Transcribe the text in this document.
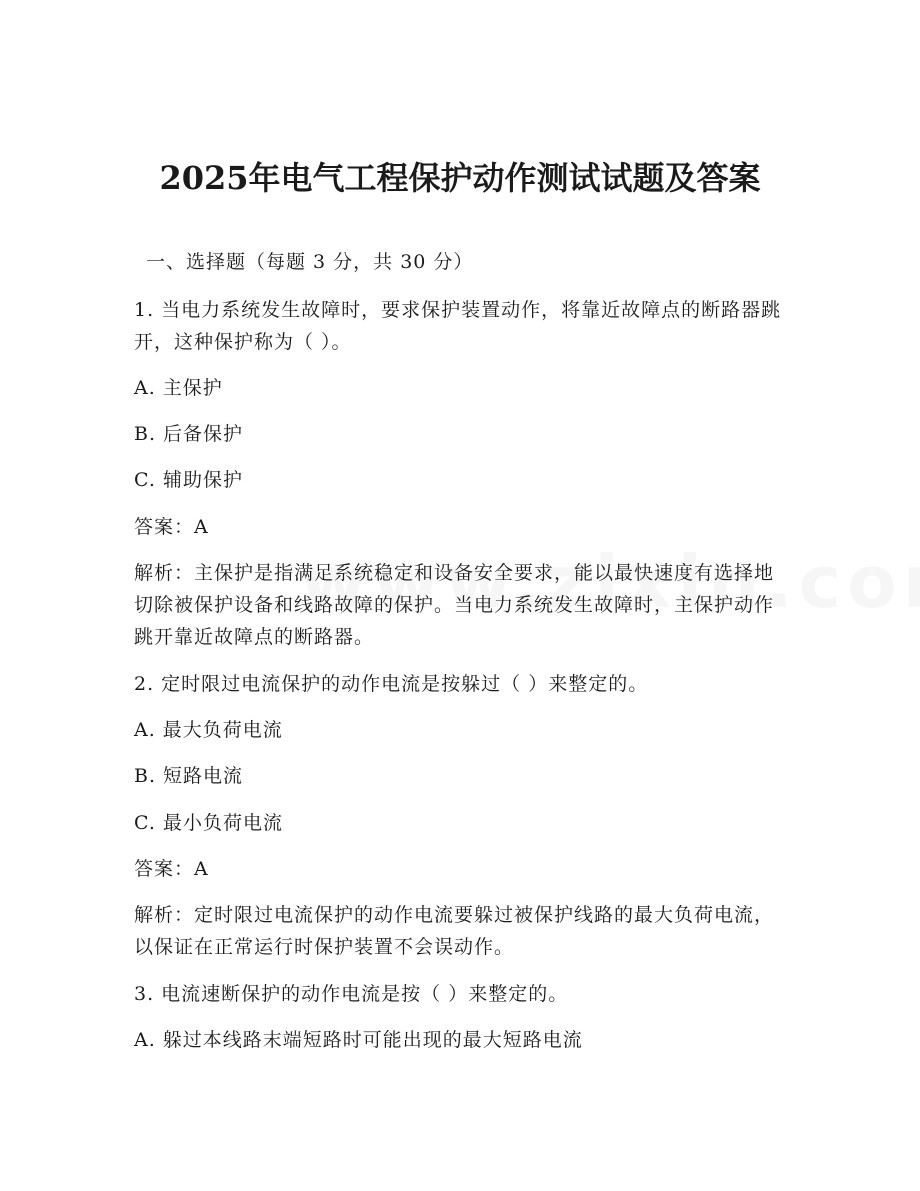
2025年电气工程保护动作测试试题及答案

一、选择题（每题 3 分，共 30 分）

1. 当电力系统发生故障时，要求保护装置动作，将靠近故障点的断路器跳开，这种保护称为（ ）。

A. 主保护

B. 后备保护

C. 辅助保护

答案：A

解析：主保护是指满足系统稳定和设备安全要求，能以最快速度有选择地切除被保护设备和线路故障的保护。当电力系统发生故障时，主保护动作跳开靠近故障点的断路器。

2. 定时限过电流保护的动作电流是按躲过（ ）来整定的。

A. 最大负荷电流

B. 短路电流

C. 最小负荷电流

答案：A

解析：定时限过电流保护的动作电流要躲过被保护线路的最大负荷电流，以保证在正常运行时保护装置不会误动作。

3. 电流速断保护的动作电流是按（ ）来整定的。

A. 躲过本线路末端短路时可能出现的最大短路电流
